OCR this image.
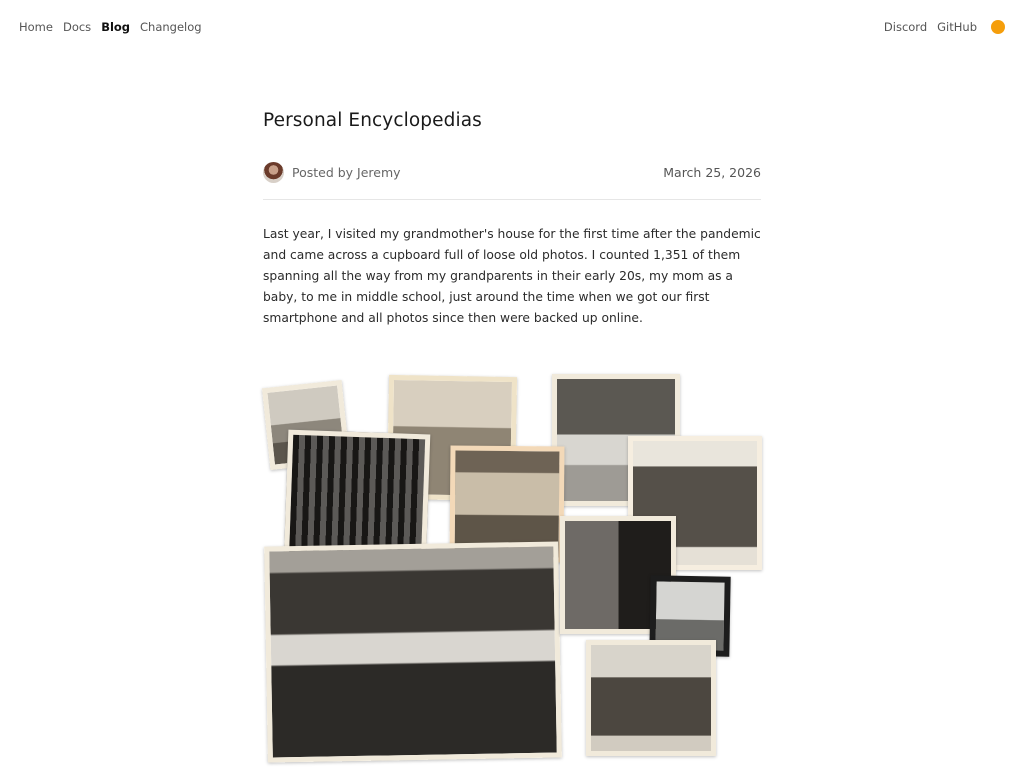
Home Docs Blog Changelog	Discord GitHub
Personal Encyclopedias
Posted by Jeremy	March 25, 2026

Last year, I visited my grandmother's house for the first time after the pandemic and came across a cupboard full of loose old photos. I counted 1,351 of them spanning all the way from my grandparents in their early 20s, my mom as a baby, to me in middle school, just around the time when we got our first smartphone and all photos since then were backed up online.
